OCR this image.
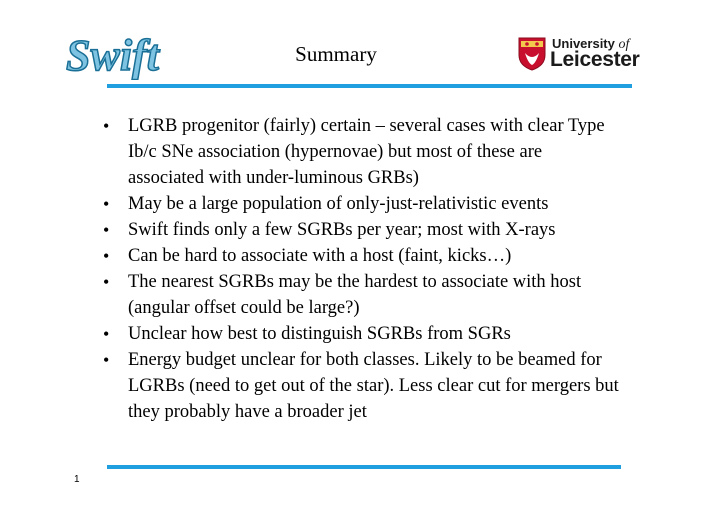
Swift	Summary	University of
Leicester
• LGRB progenitor (fairly) certain – several cases with clear Type Ib/c SNe association (hypernovae) but most of these are associated with under-luminous GRBs)
• May be a large population of only-just-relativistic events
• Swift finds only a few SGRBs per year; most with X-rays
• Can be hard to associate with a host (faint, kicks…)
• The nearest SGRBs may be the hardest to associate with host (angular offset could be large?)
• Unclear how best to distinguish SGRBs from SGRs
• Energy budget unclear for both classes. Likely to be beamed for LGRBs (need to get out of the star). Less clear cut for mergers but they probably have a broader jet
1
